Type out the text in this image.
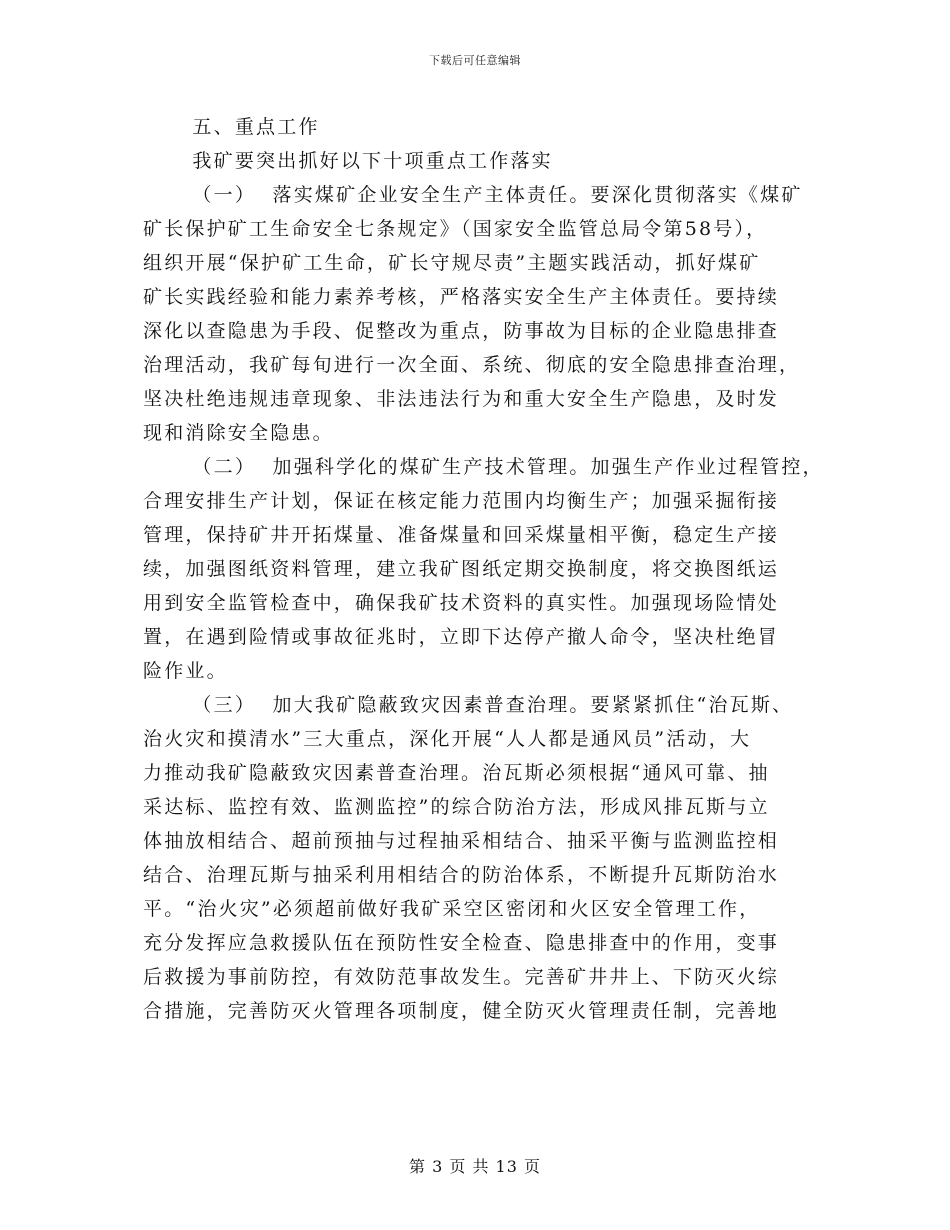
下载后可任意编辑

五、重点工作

我矿要突出抓好以下十项重点工作落实

（一）  落实煤矿企业安全生产主体责任。要深化贯彻落实《煤矿

矿长保护矿工生命安全七条规定》（国家安全监管总局令第58号），

组织开展“保护矿工生命，矿长守规尽责”主题实践活动，抓好煤矿

矿长实践经验和能力素养考核，严格落实安全生产主体责任。要持续

深化以查隐患为手段、促整改为重点，防事故为目标的企业隐患排查

治理活动，我矿每旬进行一次全面、系统、彻底的安全隐患排查治理，

坚决杜绝违规违章现象、非法违法行为和重大安全生产隐患，及时发

现和消除安全隐患。

（二）  加强科学化的煤矿生产技术管理。加强生产作业过程管控，

合理安排生产计划，保证在核定能力范围内均衡生产；加强采掘衔接

管理，保持矿井开拓煤量、准备煤量和回采煤量相平衡，稳定生产接

续，加强图纸资料管理，建立我矿图纸定期交换制度，将交换图纸运

用到安全监管检查中，确保我矿技术资料的真实性。加强现场险情处

置，在遇到险情或事故征兆时，立即下达停产撤人命令，坚决杜绝冒

险作业。

（三）  加大我矿隐蔽致灾因素普查治理。要紧紧抓住“治瓦斯、

治火灾和摸清水”三大重点，深化开展“人人都是通风员”活动，大

力推动我矿隐蔽致灾因素普查治理。治瓦斯必须根据“通风可靠、抽

采达标、监控有效、监测监控”的综合防治方法，形成风排瓦斯与立

体抽放相结合、超前预抽与过程抽采相结合、抽采平衡与监测监控相

结合、治理瓦斯与抽采利用相结合的防治体系，不断提升瓦斯防治水

平。“治火灾”必须超前做好我矿采空区密闭和火区安全管理工作，

充分发挥应急救援队伍在预防性安全检查、隐患排查中的作用，变事

后救援为事前防控，有效防范事故发生。完善矿井井上、下防灭火综

合措施，完善防灭火管理各项制度，健全防灭火管理责任制，完善地

第 3 页 共 13 页
